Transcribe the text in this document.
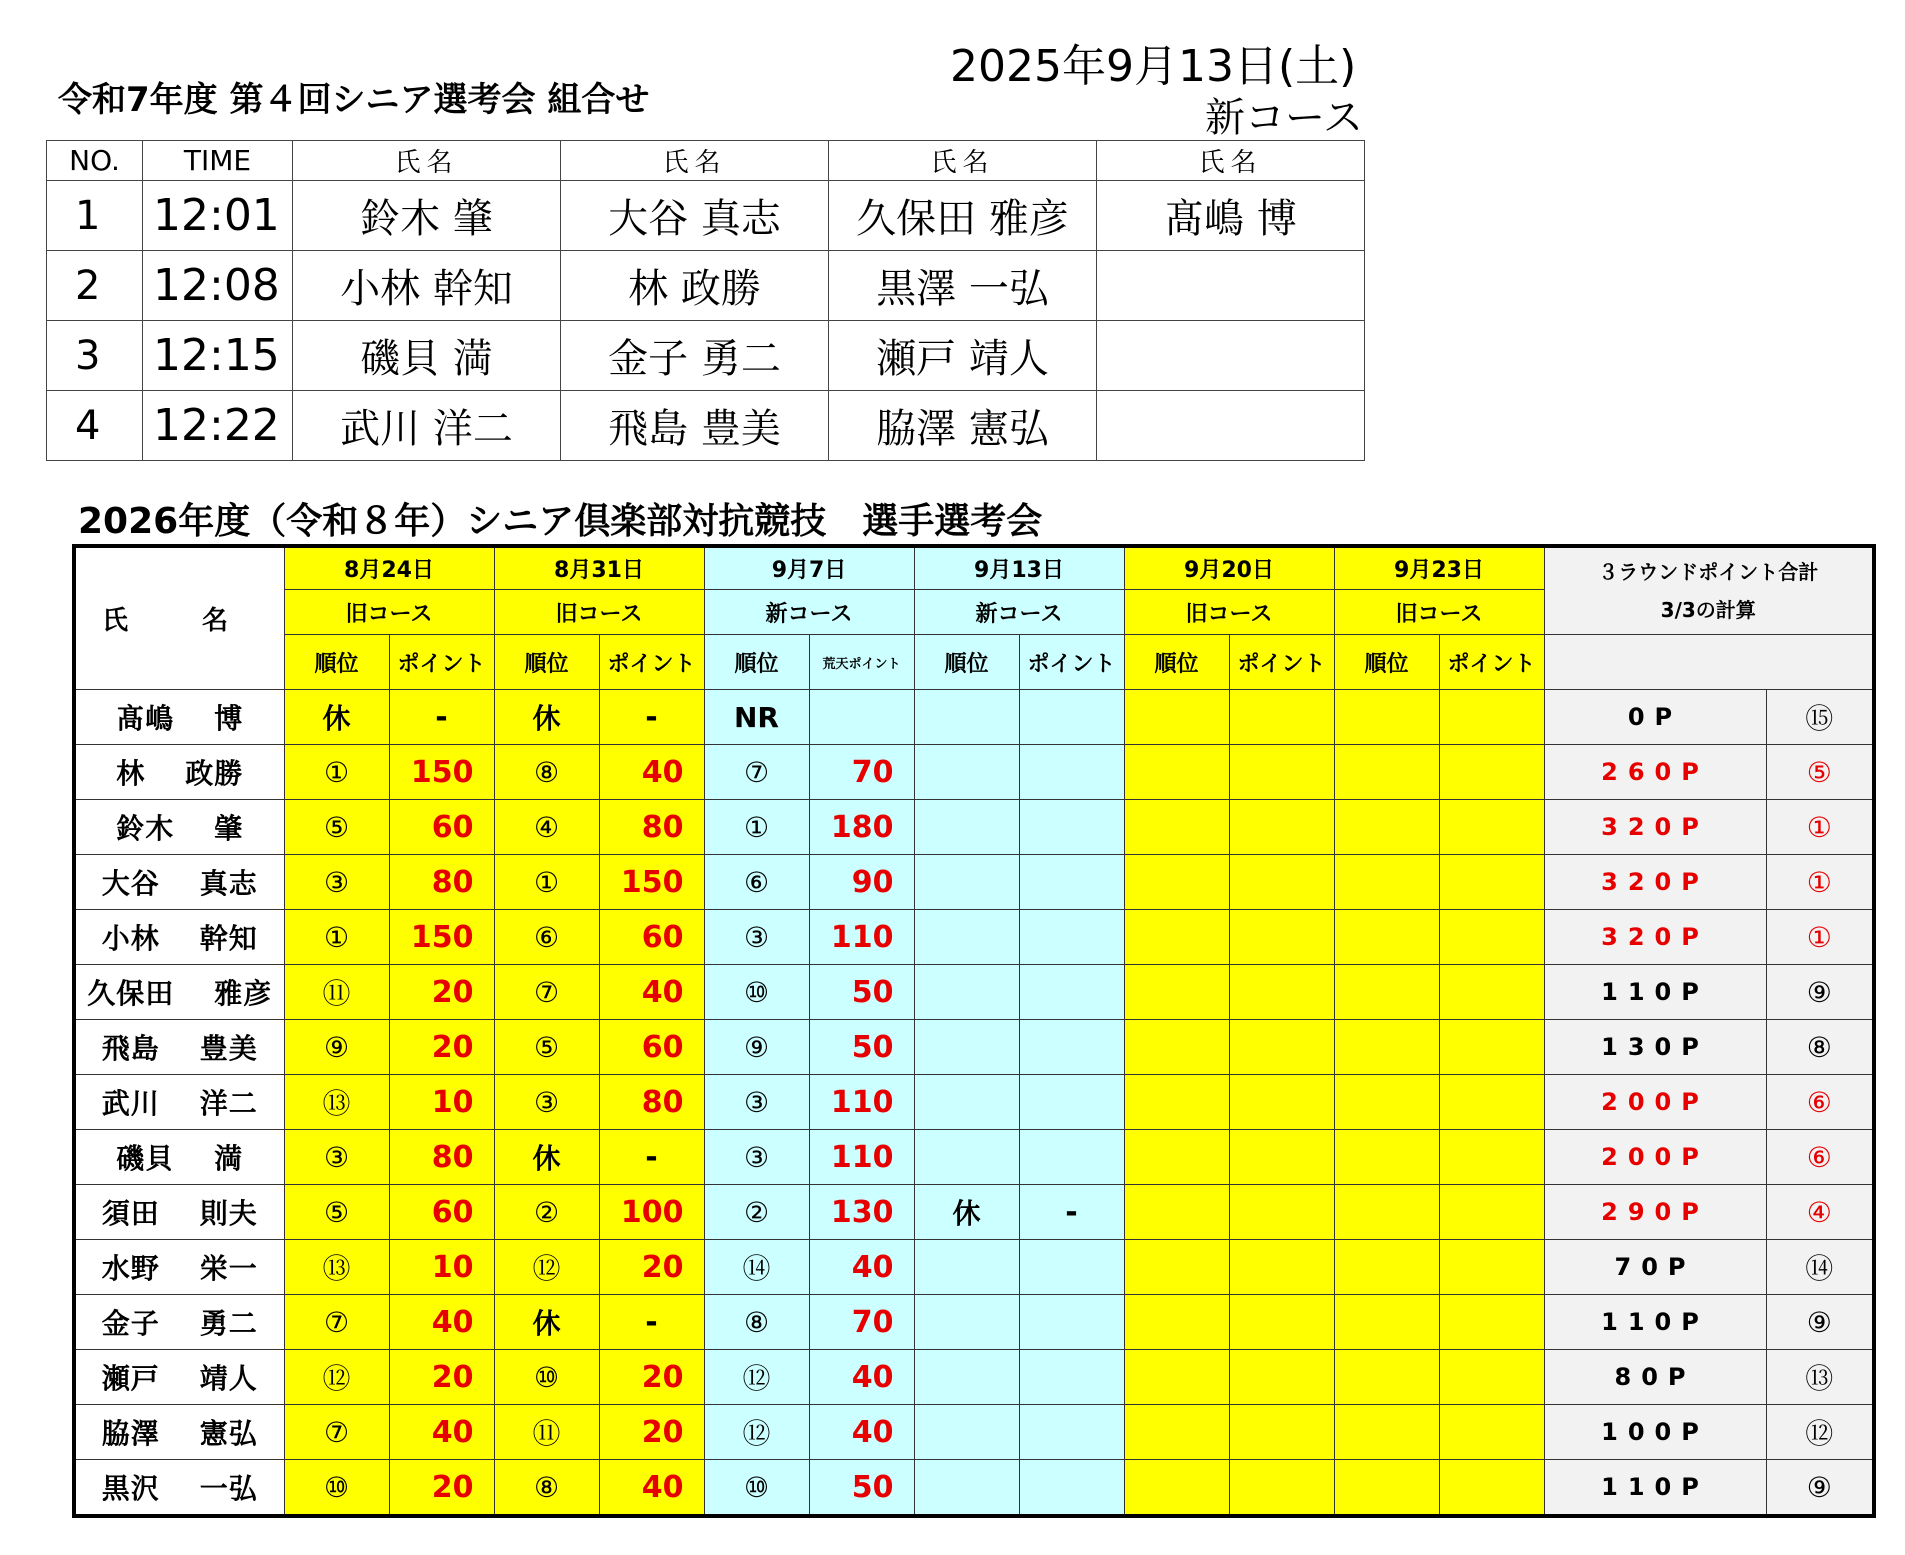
令和7年度 第４回シニア選考会 組合せ
2025年9月13日(土)
新コース
NO.	TIME	氏名	氏名	氏名	氏名
1	12:01	鈴木 肇	大谷 真志	久保田 雅彦	髙嶋 博
2	12:08	小林 幹知	林 政勝	黒澤 一弘	
3	12:15	磯貝 満	金子 勇二	瀬戸 靖人	
4	12:22	武川 洋二	飛島 豊美	脇澤 憲弘	
2026年度（令和８年）シニア倶楽部対抗競技　選手選考会
氏 名	8月24日		8月31日		9月7日		9月13日		9月20日		9月23日		３ラウンドポイント合計
3/3の計算	

	旧コース		旧コース		新コース		新コース		旧コース		旧コース			
	順位	ポイント	順位	ポイント	順位	荒天ポイント	順位	ポイント	順位	ポイント	順位	ポイント		
髙嶋 博	休	-	休	-	NR								0P	⑮
林 政勝	①	150	⑧	40	⑦	70							260P	⑤
鈴木 肇	⑤	60	④	80	①	180							320P	①
大谷 真志	③	80	①	150	⑥	90							320P	①
小林 幹知	①	150	⑥	60	③	110							320P	①
久保田 雅彦	⑪	20	⑦	40	⑩	50							110P	⑨
飛島 豊美	⑨	20	⑤	60	⑨	50							130P	⑧
武川 洋二	⑬	10	③	80	③	110							200P	⑥
磯貝 満	③	80	休	-	③	110							200P	⑥
須田 則夫	⑤	60	②	100	②	130	休	-					290P	④
水野 栄一	⑬	10	⑫	20	⑭	40							70P	⑭
金子 勇二	⑦	40	休	-	⑧	70							110P	⑨
瀬戸 靖人	⑫	20	⑩	20	⑫	40							80P	⑬
脇澤 憲弘	⑦	40	⑪	20	⑫	40							100P	⑫
黒沢 一弘	⑩	20	⑧	40	⑩	50							110P	⑨
